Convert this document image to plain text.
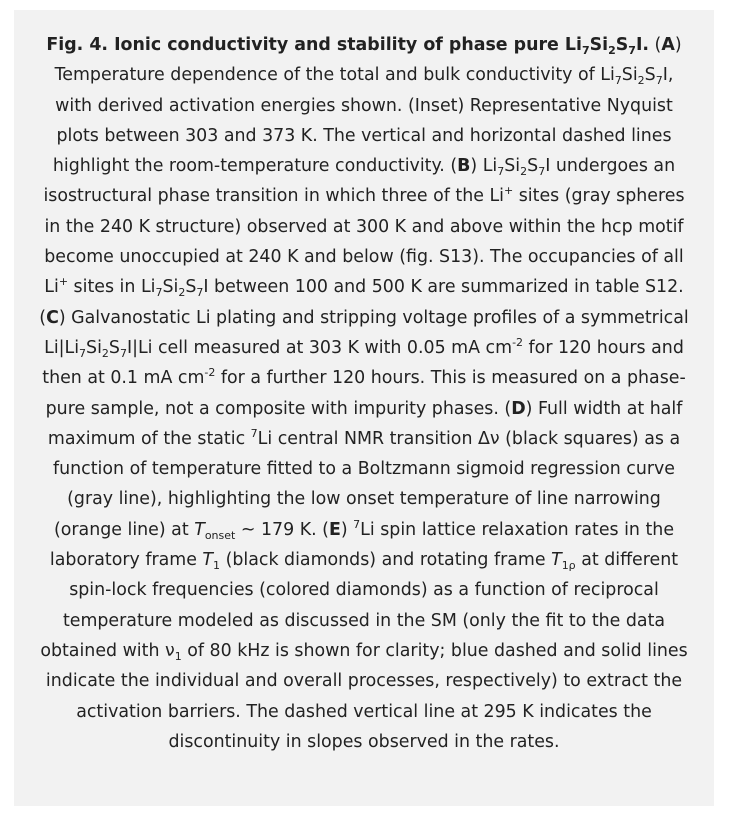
Fig. 4. Ionic conductivity and stability of phase pure $Li_7Si_2S_7I$. (A) Temperature dependence of the total and bulk conductivity of $Li_7Si_2S_7I$, with derived activation energies shown. (Inset) Representative Nyquist plots between 303 and 373 K. The vertical and horizontal dashed lines highlight the room-temperature conductivity. (B) $Li_7Si_2S_7I$ undergoes an isostructural phase transition in which three of the Li+ sites (gray spheres in the 240 K structure) observed at 300 K and above within the hcp motif become unoccupied at 240 K and below (fig. S13). The occupancies of all Li+ sites in $Li_7Si_2S_7I$ between 100 and 500 K are summarized in table S12. (C) Galvanostatic Li plating and stripping voltage profiles of a symmetrical $Li|Li_7Si_2S_7I|Li$ cell measured at 303 K with 0.05 mA $cm^{-2}$ for 120 hours and then at 0.1 mA $cm^{-2}$ for a further 120 hours. This is measured on a phase-pure sample, not a composite with impurity phases. (D) Full width at half maximum of the static $^7$Li central NMR transition Δν (black squares) as a function of temperature fitted to a Boltzmann sigmoid regression curve (gray line), highlighting the low onset temperature of line narrowing (orange line) at $T_{onset}$ ~ 179 K. (E) $^7$Li spin lattice relaxation rates in the laboratory frame $T_1$ (black diamonds) and rotating frame $T_{1\rho}$ at different spin-lock frequencies (colored diamonds) as a function of reciprocal temperature modeled as discussed in the SM (only the fit to the data obtained with $\nu_1$ of 80 kHz is shown for clarity; blue dashed and solid lines indicate the individual and overall processes, respectively) to extract the activation barriers. The dashed vertical line at 295 K indicates the discontinuity in slopes observed in the rates.
